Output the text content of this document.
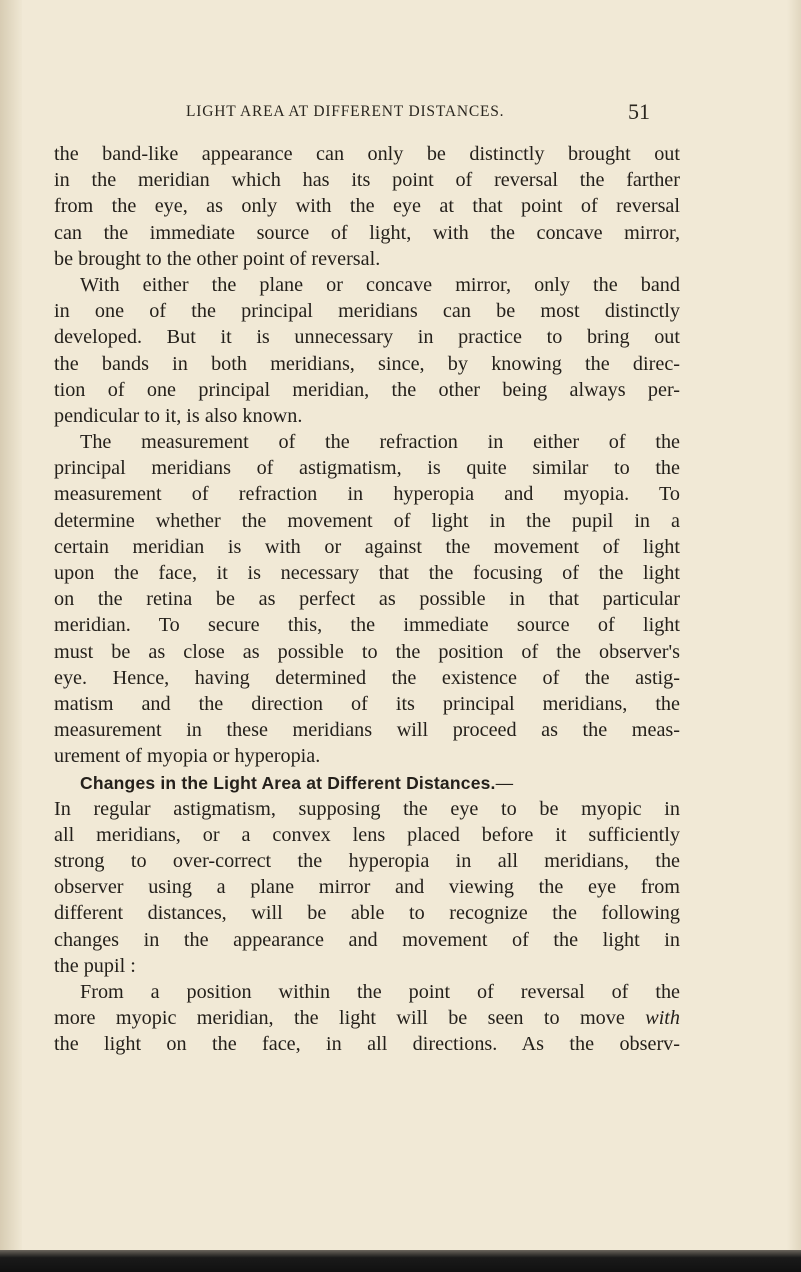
LIGHT AREA AT DIFFERENT DISTANCES.	51
the band-like appearance can only be distinctly brought out
in the meridian which has its point of reversal the farther
from the eye, as only with the eye at that point of reversal
can the immediate source of light, with the concave mirror,
be brought to the other point of reversal.
With either the plane or concave mirror, only the band
in one of the principal meridians can be most distinctly
developed. But it is unnecessary in practice to bring out
the bands in both meridians, since, by knowing the direc-
tion of one principal meridian, the other being always per-
pendicular to it, is also known.
The measurement of the refraction in either of the
principal meridians of astigmatism, is quite similar to the
measurement of refraction in hyperopia and myopia. To
determine whether the movement of light in the pupil in a
certain meridian is with or against the movement of light
upon the face, it is necessary that the focusing of the light
on the retina be as perfect as possible in that particular
meridian. To secure this, the immediate source of light
must be as close as possible to the position of the observer's
eye. Hence, having determined the existence of the astig-
matism and the direction of its principal meridians, the
measurement in these meridians will proceed as the meas-
urement of myopia or hyperopia.
Changes in the Light Area at Different Distances.—
In regular astigmatism, supposing the eye to be myopic in
all meridians, or a convex lens placed before it sufficiently
strong to over-correct the hyperopia in all meridians, the
observer using a plane mirror and viewing the eye from
different distances, will be able to recognize the following
changes in the appearance and movement of the light in
the pupil :
From a position within the point of reversal of the
more myopic meridian, the light will be seen to move with
the light on the face, in all directions. As the observ-
